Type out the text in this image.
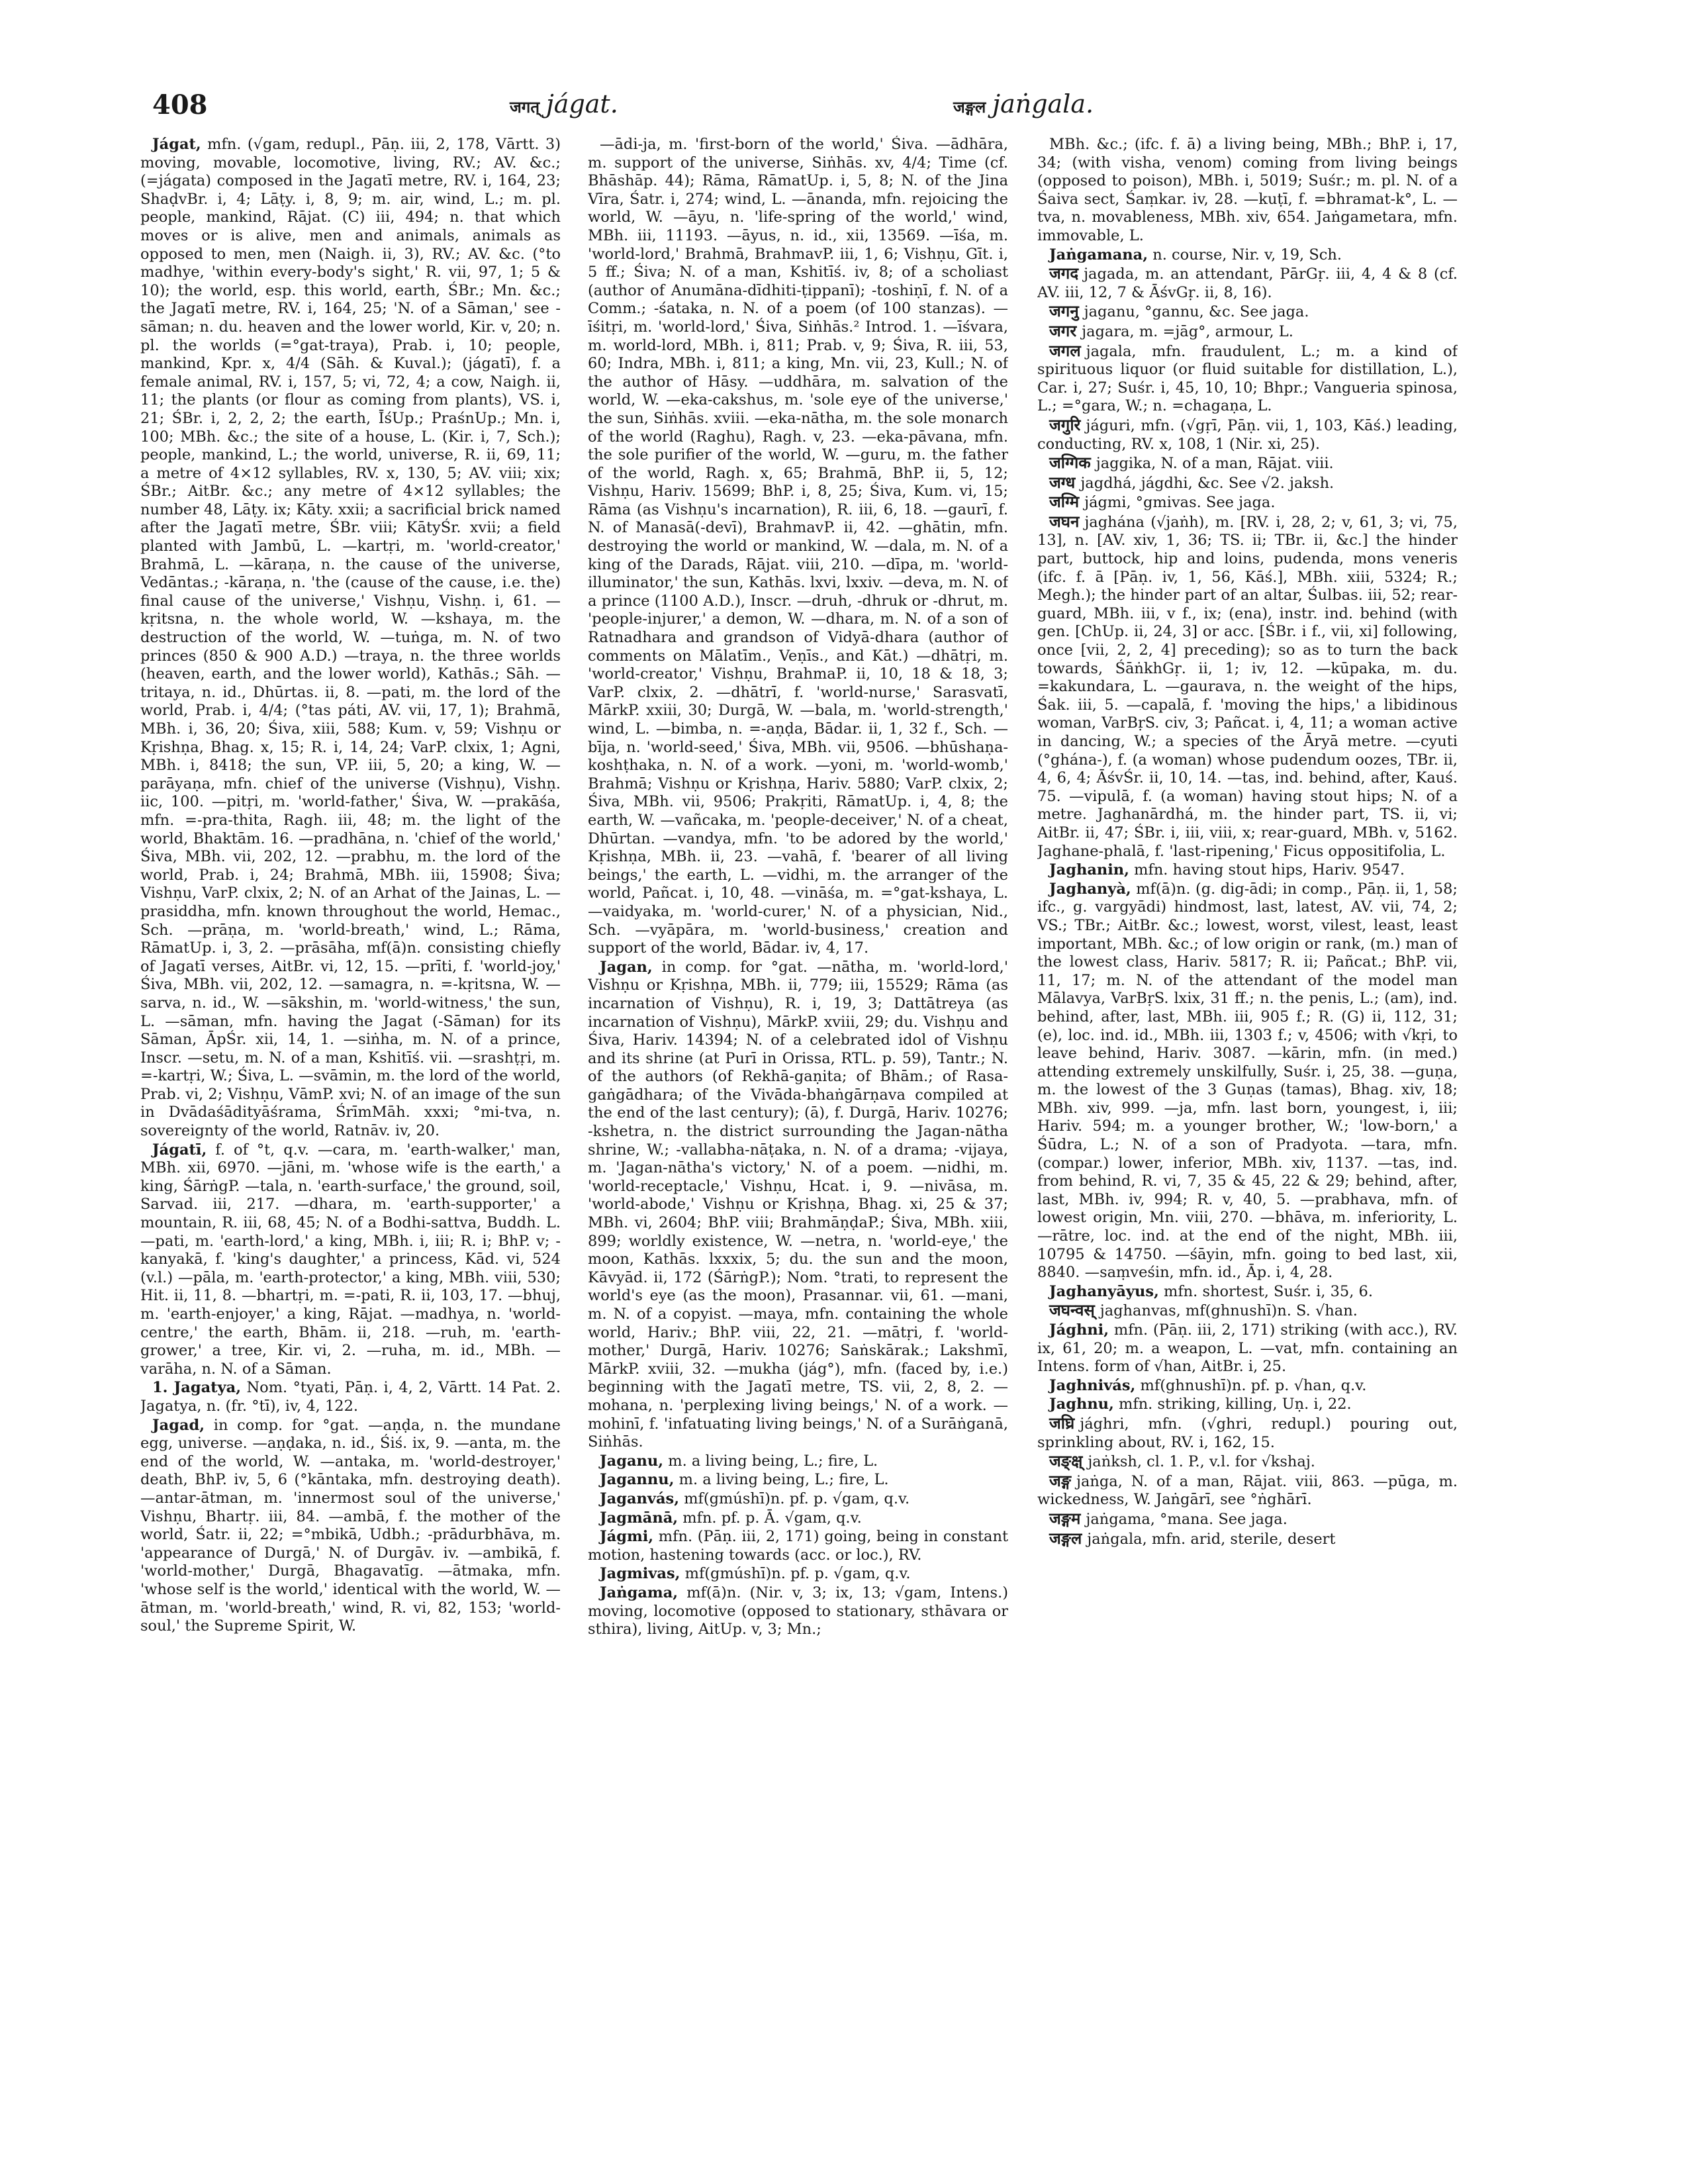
408	जगत् jágat.	जङ्गल jaṅgala.

Jágat, mfn. (√gam, redupl., Pāṇ. iii, 2, 178, Vārtt. 3) moving, movable, locomotive, living, RV.; AV. &c.; (=jágata) composed in the Jagatī metre, RV. i, 164, 23; ShaḍvBr. i, 4; Lāṭy. i, 8, 9; m. air, wind, L.; m. pl. people, mankind, Rājat. (C) iii, 494; n. that which moves or is alive, men and animals, animals as opposed to men, men (Naigh. ii, 3), RV.; AV. &c. (°to madhye, 'within every-body's sight,' R. vii, 97, 1; 5 & 10); the world, esp. this world, earth, ŚBr.; Mn. &c.; the Jagatī metre, RV. i, 164, 25; 'N. of a Sāman,' see -sāman; n. du. heaven and the lower world, Kir. v, 20; n. pl. the worlds (=°gat-traya), Prab. i, 10; people, mankind, Kpr. x, 4/4 (Sāh. & Kuval.); (jágatī), f. a female animal, RV. i, 157, 5; vi, 72, 4; a cow, Naigh. ii, 11; the plants (or flour as coming from plants), VS. i, 21; ŚBr. i, 2, 2, 2; the earth, ĪśUp.; PraśnUp.; Mn. i, 100; MBh. &c.; the site of a house, L. (Kir. i, 7, Sch.); people, mankind, L.; the world, universe, R. ii, 69, 11; a metre of 4×12 syllables, RV. x, 130, 5; AV. viii; xix; ŚBr.; AitBr. &c.; any metre of 4×12 syllables; the number 48, Lāṭy. ix; Kāty. xxii; a sacrificial brick named after the Jagatī metre, ŚBr. viii; KātyŚr. xvii; a field planted with Jambū, L. —kartṛi, m. 'world-creator,' Brahmā, L. —kāraṇa, n. the cause of the universe, Vedāntas.; -kāraṇa, n. 'the (cause of the cause, i.e. the) final cause of the universe,' Vishṇu, Vishṇ. i, 61. —kṛitsna, n. the whole world, W. —kshaya, m. the destruction of the world, W. —tuṅga, m. N. of two princes (850 & 900 A.D.) —traya, n. the three worlds (heaven, earth, and the lower world), Kathās.; Sāh. —tritaya, n. id., Dhūrtas. ii, 8. —pati, m. the lord of the world, Prab. i, 4/4; (°tas páti, AV. vii, 17, 1); Brahmā, MBh. i, 36, 20; Śiva, xiii, 588; Kum. v, 59; Vishṇu or Kṛishṇa, Bhag. x, 15; R. i, 14, 24; VarP. clxix, 1; Agni, MBh. i, 8418; the sun, VP. iii, 5, 20; a king, W. —parāyaṇa, mfn. chief of the universe (Vishṇu), Vishṇ. iic, 100. —pitṛi, m. 'world-father,' Śiva, W. —prakāśa, mfn. =-pra-thita, Ragh. iii, 48; m. the light of the world, Bhaktām. 16. —pradhāna, n. 'chief of the world,' Śiva, MBh. vii, 202, 12. —prabhu, m. the lord of the world, Prab. i, 24; Brahmā, MBh. iii, 15908; Śiva; Vishṇu, VarP. clxix, 2; N. of an Arhat of the Jainas, L. —prasiddha, mfn. known throughout the world, Hemac., Sch. —prāṇa, m. 'world-breath,' wind, L.; Rāma, RāmatUp. i, 3, 2. —prāsāha, mf(ā)n. consisting chiefly of Jagatī verses, AitBr. vi, 12, 15. —prīti, f. 'world-joy,' Śiva, MBh. vii, 202, 12. —samagra, n. =-kṛitsna, W. —sarva, n. id., W. —sākshin, m. 'world-witness,' the sun, L. —sāman, mfn. having the Jagat (-Sāman) for its Sāman, ĀpŚr. xii, 14, 1. —siṅha, m. N. of a prince, Inscr. —setu, m. N. of a man, Kshitīś. vii. —srashṭṛi, m. =-kartṛi, W.; Śiva, L. —svāmin, m. the lord of the world, Prab. vi, 2; Vishṇu, VāmP. xvi; N. of an image of the sun in Dvādaśādityāśrama, ŚrīmMāh. xxxi; °mi-tva, n. sovereignty of the world, Ratnāv. iv, 20.

Jágatī, f. of °t, q.v. —cara, m. 'earth-walker,' man, MBh. xii, 6970. —jāni, m. 'whose wife is the earth,' a king, ŚārṅgP. —tala, n. 'earth-surface,' the ground, soil, Sarvad. iii, 217. —dhara, m. 'earth-supporter,' a mountain, R. iii, 68, 45; N. of a Bodhi-sattva, Buddh. L. —pati, m. 'earth-lord,' a king, MBh. i, iii; R. i; BhP. v; -kanyakā, f. 'king's daughter,' a princess, Kād. vi, 524 (v.l.) —pāla, m. 'earth-protector,' a king, MBh. viii, 530; Hit. ii, 11, 8. —bhartṛi, m. =-pati, R. ii, 103, 17. —bhuj, m. 'earth-enjoyer,' a king, Rājat. —madhya, n. 'world-centre,' the earth, Bhām. ii, 218. —ruh, m. 'earth-grower,' a tree, Kir. vi, 2. —ruha, m. id., MBh. —varāha, n. N. of a Sāman.

1. Jagatya, Nom. °tyati, Pāṇ. i, 4, 2, Vārtt. 14 Pat. 2. Jagatya, n. (fr. °tī), iv, 4, 122.

Jagad, in comp. for °gat. —aṇḍa, n. the mundane egg, universe. —aṇḍaka, n. id., Śiś. ix, 9. —anta, m. the end of the world, W. —antaka, m. 'world-destroyer,' death, BhP. iv, 5, 6 (°kāntaka, mfn. destroying death). —antar-ātman, m. 'innermost soul of the universe,' Vishṇu, Bhartṛ. iii, 84. —ambā, f. the mother of the world, Śatr. ii, 22; =°mbikā, Udbh.; -prādurbhāva, m. 'appearance of Durgā,' N. of Durgāv. iv. —ambikā, f. 'world-mother,' Durgā, Bhagavatīg. —ātmaka, mfn. 'whose self is the world,' identical with the world, W. —ātman, m. 'world-breath,' wind, R. vi, 82, 153; 'world-soul,' the Supreme Spirit, W.

—ādi-ja, m. 'first-born of the world,' Śiva. —ādhāra, m. support of the universe, Siṅhās. xv, 4/4; Time (cf. Bhāshāp. 44); Rāma, RāmatUp. i, 5, 8; N. of the Jina Vīra, Śatr. i, 274; wind, L. —ānanda, mfn. rejoicing the world, W. —āyu, n. 'life-spring of the world,' wind, MBh. iii, 11193. —āyus, n. id., xii, 13569. —īśa, m. 'world-lord,' Brahmā, BrahmavP. iii, 1, 6; Vishṇu, Gīt. i, 5 ff.; Śiva; N. of a man, Kshitīś. iv, 8; of a scholiast (author of Anumāna-dīdhiti-ṭippanī); -toshiṇī, f. N. of a Comm.; -śataka, n. N. of a poem (of 100 stanzas). —īśitṛi, m. 'world-lord,' Śiva, Siṅhās.² Introd. 1. —īśvara, m. world-lord, MBh. i, 811; Prab. v, 9; Śiva, R. iii, 53, 60; Indra, MBh. i, 811; a king, Mn. vii, 23, Kull.; N. of the author of Hāsy. —uddhāra, m. salvation of the world, W. —eka-cakshus, m. 'sole eye of the universe,' the sun, Siṅhās. xviii. —eka-nātha, m. the sole monarch of the world (Raghu), Ragh. v, 23. —eka-pāvana, mfn. the sole purifier of the world, W. —guru, m. the father of the world, Ragh. x, 65; Brahmā, BhP. ii, 5, 12; Vishṇu, Hariv. 15699; BhP. i, 8, 25; Śiva, Kum. vi, 15; Rāma (as Vishṇu's incarnation), R. iii, 6, 18. —gaurī, f. N. of Manasā(-devī), BrahmavP. ii, 42. —ghātin, mfn. destroying the world or mankind, W. —dala, m. N. of a king of the Darads, Rājat. viii, 210. —dīpa, m. 'world-illuminator,' the sun, Kathās. lxvi, lxxiv. —deva, m. N. of a prince (1100 A.D.), Inscr. —druh, -dhruk or -dhrut, m. 'people-injurer,' a demon, W. —dhara, m. N. of a son of Ratnadhara and grandson of Vidyā-dhara (author of comments on Mālatīm., Veṇīs., and Kāt.) —dhātṛi, m. 'world-creator,' Vishṇu, BrahmaP. ii, 10, 18 & 18, 3; VarP. clxix, 2. —dhātrī, f. 'world-nurse,' Sarasvatī, MārkP. xxiii, 30; Durgā, W. —bala, m. 'world-strength,' wind, L. —bimba, n. =-aṇḍa, Bādar. ii, 1, 32 f., Sch. —bīja, n. 'world-seed,' Śiva, MBh. vii, 9506. —bhūshaṇa-koshṭhaka, n. N. of a work. —yoni, m. 'world-womb,' Brahmā; Vishṇu or Kṛishṇa, Hariv. 5880; VarP. clxix, 2; Śiva, MBh. vii, 9506; Prakṛiti, RāmatUp. i, 4, 8; the earth, W. —vañcaka, m. 'people-deceiver,' N. of a cheat, Dhūrtan. —vandya, mfn. 'to be adored by the world,' Kṛishṇa, MBh. ii, 23. —vahā, f. 'bearer of all living beings,' the earth, L. —vidhi, m. the arranger of the world, Pañcat. i, 10, 48. —vināśa, m. =°gat-kshaya, L. —vaidyaka, m. 'world-curer,' N. of a physician, Nid., Sch. —vyāpāra, m. 'world-business,' creation and support of the world, Bādar. iv, 4, 17.

Jagan, in comp. for °gat. —nātha, m. 'world-lord,' Vishṇu or Kṛishṇa, MBh. ii, 779; iii, 15529; Rāma (as incarnation of Vishṇu), R. i, 19, 3; Dattātreya (as incarnation of Vishṇu), MārkP. xviii, 29; du. Vishṇu and Śiva, Hariv. 14394; N. of a celebrated idol of Vishṇu and its shrine (at Purī in Orissa, RTL. p. 59), Tantr.; N. of the authors (of Rekhā-gaṇita; of Bhām.; of Rasa-gaṅgādhara; of the Vivāda-bhaṅgārṇava compiled at the end of the last century); (ā), f. Durgā, Hariv. 10276; -kshetra, n. the district surrounding the Jagan-nātha shrine, W.; -vallabha-nāṭaka, n. N. of a drama; -vijaya, m. 'Jagan-nātha's victory,' N. of a poem. —nidhi, m. 'world-receptacle,' Vishṇu, Hcat. i, 9. —nivāsa, m. 'world-abode,' Vishṇu or Kṛishṇa, Bhag. xi, 25 & 37; MBh. vi, 2604; BhP. viii; BrahmāṇḍaP.; Śiva, MBh. xiii, 899; worldly existence, W. —netra, n. 'world-eye,' the moon, Kathās. lxxxix, 5; du. the sun and the moon, Kāvyād. ii, 172 (ŚārṅgP.); Nom. °trati, to represent the world's eye (as the moon), Prasannar. vii, 61. —mani, m. N. of a copyist. —maya, mfn. containing the whole world, Hariv.; BhP. viii, 22, 21. —mātṛi, f. 'world-mother,' Durgā, Hariv. 10276; Saṅskārak.; Lakshmī, MārkP. xviii, 32. —mukha (jág°), mfn. (faced by, i.e.) beginning with the Jagatī metre, TS. vii, 2, 8, 2. —mohana, n. 'perplexing living beings,' N. of a work. —mohinī, f. 'infatuating living beings,' N. of a Surāṅganā, Siṅhās.

Jaganu, m. a living being, L.; fire, L.

Jagannu, m. a living being, L.; fire, L.

Jaganvás, mf(gmúshī)n. pf. p. √gam, q.v.

Jagmānā, mfn. pf. p. Ā. √gam, q.v.

Jágmi, mfn. (Pāṇ. iii, 2, 171) going, being in constant motion, hastening towards (acc. or loc.), RV.

Jagmivas, mf(gmúshī)n. pf. p. √gam, q.v.

Jaṅgama, mf(ā)n. (Nir. v, 3; ix, 13; √gam, Intens.) moving, locomotive (opposed to stationary, sthāvara or sthira), living, AitUp. v, 3; Mn.;

MBh. &c.; (ifc. f. ā) a living being, MBh.; BhP. i, 17, 34; (with visha, venom) coming from living beings (opposed to poison), MBh. i, 5019; Suśr.; m. pl. N. of a Śaiva sect, Śaṃkar. iv, 28. —kuṭī, f. =bhramat-k°, L. —tva, n. movableness, MBh. xiv, 654. Jaṅgametara, mfn. immovable, L.

Jaṅgamana, n. course, Nir. v, 19, Sch.

जगद jagada, m. an attendant, PārGṛ. iii, 4, 4 & 8 (cf. AV. iii, 12, 7 & ĀśvGṛ. ii, 8, 16).

जगनु jaganu, °gannu, &c. See jaga.

जगर jagara, m. =jāg°, armour, L.

जगल jagala, mfn. fraudulent, L.; m. a kind of spirituous liquor (or fluid suitable for distillation, L.), Car. i, 27; Suśr. i, 45, 10, 10; Bhpr.; Vangueria spinosa, L.; =°gara, W.; n. =chagaṇa, L.

जगुरि jáguri, mfn. (√gṛī, Pāṇ. vii, 1, 103, Kāś.) leading, conducting, RV. x, 108, 1 (Nir. xi, 25).

जग्गिक jaggika, N. of a man, Rājat. viii.

जग्ध jagdhá, jágdhi, &c. See √2. jaksh.

जग्मि jágmi, °gmivas. See jaga.

जघन jaghána (√jaṅh), m. [RV. i, 28, 2; v, 61, 3; vi, 75, 13], n. [AV. xiv, 1, 36; TS. ii; TBr. ii, &c.] the hinder part, buttock, hip and loins, pudenda, mons veneris (ifc. f. ā [Pāṇ. iv, 1, 56, Kāś.], MBh. xiii, 5324; R.; Megh.); the hinder part of an altar, Śulbas. iii, 52; rear-guard, MBh. iii, v f., ix; (ena), instr. ind. behind (with gen. [ChUp. ii, 24, 3] or acc. [ŚBr. i f., vii, xi] following, once [vii, 2, 2, 4] preceding); so as to turn the back towards, ŚāṅkhGṛ. ii, 1; iv, 12. —kūpaka, m. du. =kakundara, L. —gaurava, n. the weight of the hips, Śak. iii, 5. —capalā, f. 'moving the hips,' a libidinous woman, VarBṛS. civ, 3; Pañcat. i, 4, 11; a woman active in dancing, W.; a species of the Āryā metre. —cyuti (°ghána-), f. (a woman) whose pudendum oozes, TBr. ii, 4, 6, 4; ĀśvŚr. ii, 10, 14. —tas, ind. behind, after, Kauś. 75. —vipulā, f. (a woman) having stout hips; N. of a metre. Jaghanārdhá, m. the hinder part, TS. ii, vi; AitBr. ii, 47; ŚBr. i, iii, viii, x; rear-guard, MBh. v, 5162. Jaghane-phalā, f. 'last-ripening,' Ficus oppositifolia, L.

Jaghanin, mfn. having stout hips, Hariv. 9547.

Jaghanyà, mf(ā)n. (g. dig-ādi; in comp., Pāṇ. ii, 1, 58; ifc., g. vargyādi) hindmost, last, latest, AV. vii, 74, 2; VS.; TBr.; AitBr. &c.; lowest, worst, vilest, least, least important, MBh. &c.; of low origin or rank, (m.) man of the lowest class, Hariv. 5817; R. ii; Pañcat.; BhP. vii, 11, 17; m. N. of the attendant of the model man Mālavya, VarBṛS. lxix, 31 ff.; n. the penis, L.; (am), ind. behind, after, last, MBh. iii, 905 f.; R. (G) ii, 112, 31; (e), loc. ind. id., MBh. iii, 1303 f.; v, 4506; with √kṛi, to leave behind, Hariv. 3087. —kārin, mfn. (in med.) attending extremely unskilfully, Suśr. i, 25, 38. —guṇa, m. the lowest of the 3 Guṇas (tamas), Bhag. xiv, 18; MBh. xiv, 999. —ja, mfn. last born, youngest, i, iii; Hariv. 594; m. a younger brother, W.; 'low-born,' a Śūdra, L.; N. of a son of Pradyota. —tara, mfn. (compar.) lower, inferior, MBh. xiv, 1137. —tas, ind. from behind, R. vi, 7, 35 & 45, 22 & 29; behind, after, last, MBh. iv, 994; R. v, 40, 5. —prabhava, mfn. of lowest origin, Mn. viii, 270. —bhāva, m. inferiority, L. —rātre, loc. ind. at the end of the night, MBh. iii, 10795 & 14750. —śāyin, mfn. going to bed last, xii, 8840. —saṃveśin, mfn. id., Āp. i, 4, 28.

Jaghanyāyus, mfn. shortest, Suśr. i, 35, 6.

जघन्वस् jaghanvas, mf(ghnushī)n. S. √han.

Jághni, mfn. (Pāṇ. iii, 2, 171) striking (with acc.), RV. ix, 61, 20; m. a weapon, L. —vat, mfn. containing an Intens. form of √han, AitBr. i, 25.

Jaghnivás, mf(ghnushī)n. pf. p. √han, q.v.

Jaghnu, mfn. striking, killing, Uṇ. i, 22.

जघ्रि jághri, mfn. (√ghri, redupl.) pouring out, sprinkling about, RV. i, 162, 15.

जङ्क्ष् jaṅksh, cl. 1. P., v.l. for √kshaj.

जङ्ग jaṅga, N. of a man, Rājat. viii, 863. —pūga, m. wickedness, W. Jaṅgārī, see °ṅghārī.

जङ्गम jaṅgama, °mana. See jaga.

जङ्गल jaṅgala, mfn. arid, sterile, desert
